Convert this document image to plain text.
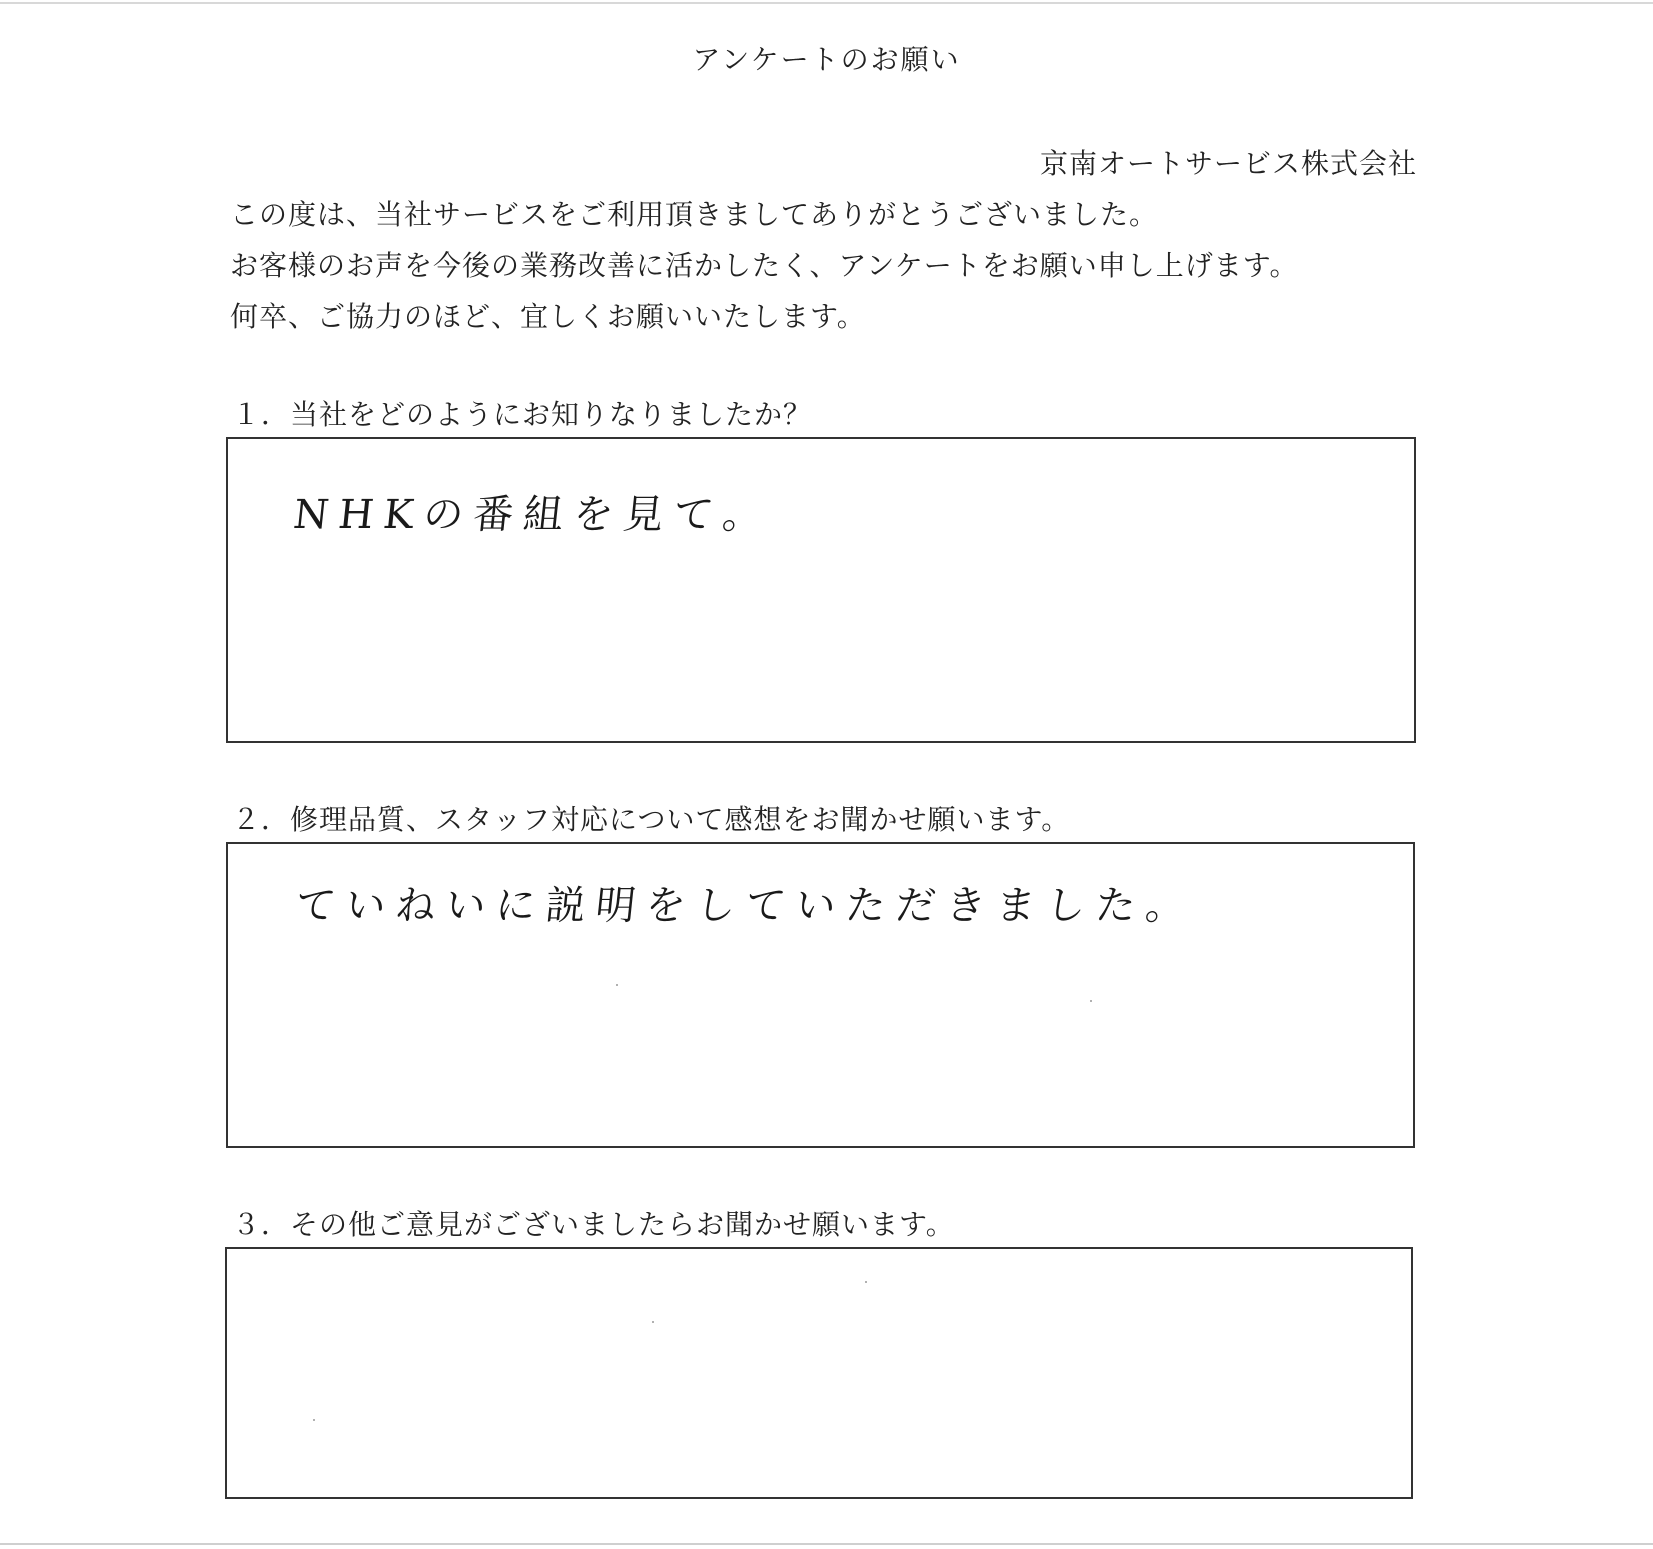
アンケートのお願い
京南オートサービス株式会社
この度は、当社サービスをご利用頂きましてありがとうございました。
お客様のお声を今後の業務改善に活かしたく、アンケートをお願い申し上げます。
何卒、ご協力のほど、宜しくお願いいたします。
１．当社をどのようにお知りなりましたか？
NHKの番組を見て。
２．修理品質、スタッフ対応について感想をお聞かせ願います。
ていねいに説明をしていただきました。
３．その他ご意見がございましたらお聞かせ願います。
